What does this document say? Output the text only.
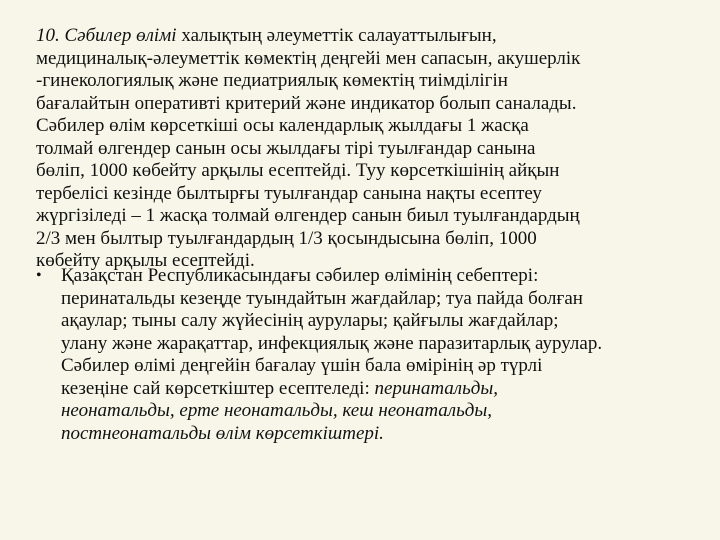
10. Сәбилер өлімі халықтың әлеуметтік салауаттылығын,
медициналық-әлеуметтік көмектің деңгейі мен сапасын, акушерлік
-гинекологиялық және педиатриялық көмектің тиімділігін
бағалайтын оперативті критерий және индикатор болып саналады.
Сәбилер өлім көрсеткіші осы календарлық жылдағы 1 жасқа
толмай өлгендер санын осы жылдағы тірі туылғандар санына
бөліп, 1000 көбейту арқылы есептейді. Туу көрсеткішінің айқын
тербелісі кезінде былтырғы туылғандар санына нақты есептеу
жүргізіледі – 1 жасқа толмай өлгендер санын биыл туылғандардың
2/3 мен былтыр туылғандардың 1/3 қосындысына бөліп, 1000
көбейту арқылы есептейді.
• Қазақстан Республикасындағы сәбилер өлімінің себептері:
перинатальды кезеңде туындайтын жағдайлар; туа пайда болған
ақаулар; тыны салу жүйесінің аурулары; қайғылы жағдайлар;
улану және жарақаттар, инфекциялық және паразитарлық аурулар.
Сәбилер өлімі деңгейін бағалау үшін бала өмірінің әр түрлі
кезеңіне сай көрсеткіштер есептеледі: перинатальды,
неонатальды, ерте неонатальды, кеш неонатальды,
постнеонатальды өлім көрсеткіштері.
